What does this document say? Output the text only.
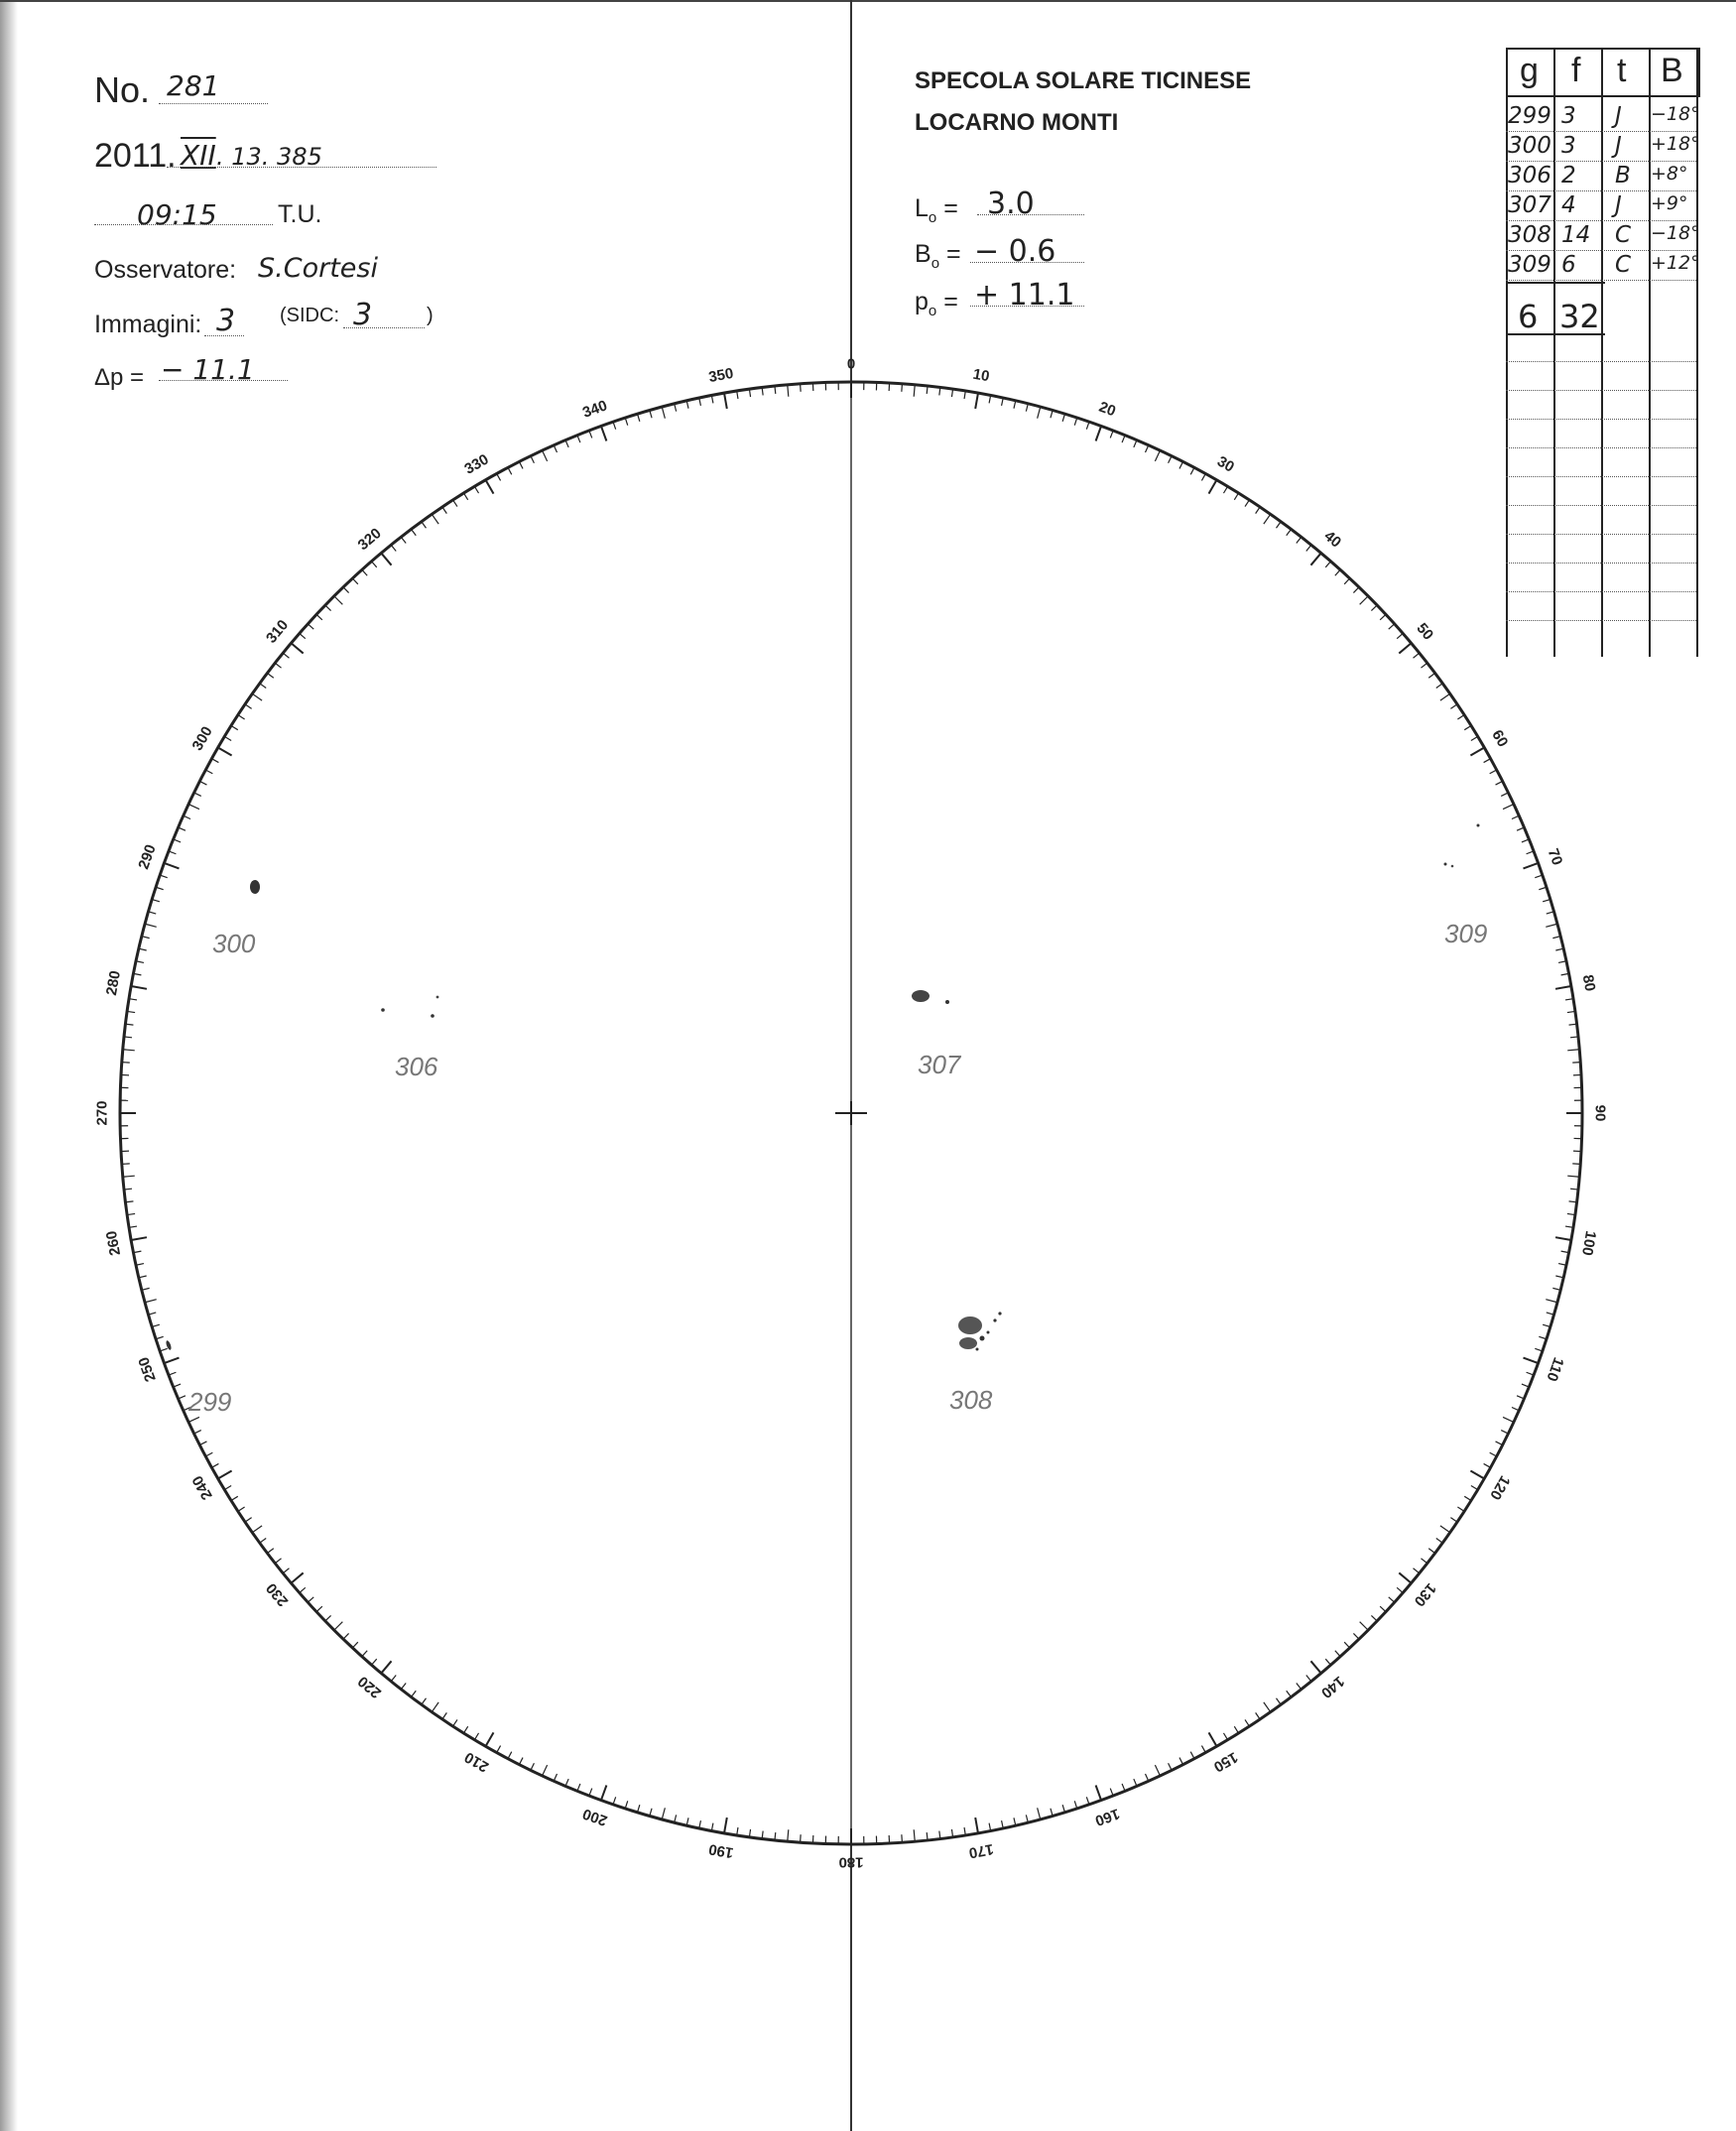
No. 281
2011. XII . 13. 385
09:15 T.U.
Osservatore: S.Cortesi
Immagini: 3 (SIDC: 3	)
Δp = − 11.1
SPECOLA SOLARE TICINESE
LOCARNO MONTI
$L_o = 3.0$
$B_o$ = − 0.6
$p_o$ = + 11.1
g f t B
299 3 J −18°
300 3 J +18°
306 2 B +8°
307 4 J +9°
308 14 C −18°
309 6 C +12°
6 32
0
10
20
30
40
50
60
70
80
90
100
110
120
130
140
150
160
170
180
190
200
210
220
230
240
250
260
270
280
290
300
310
320
330
340
350
300
306	307
309
308
299
